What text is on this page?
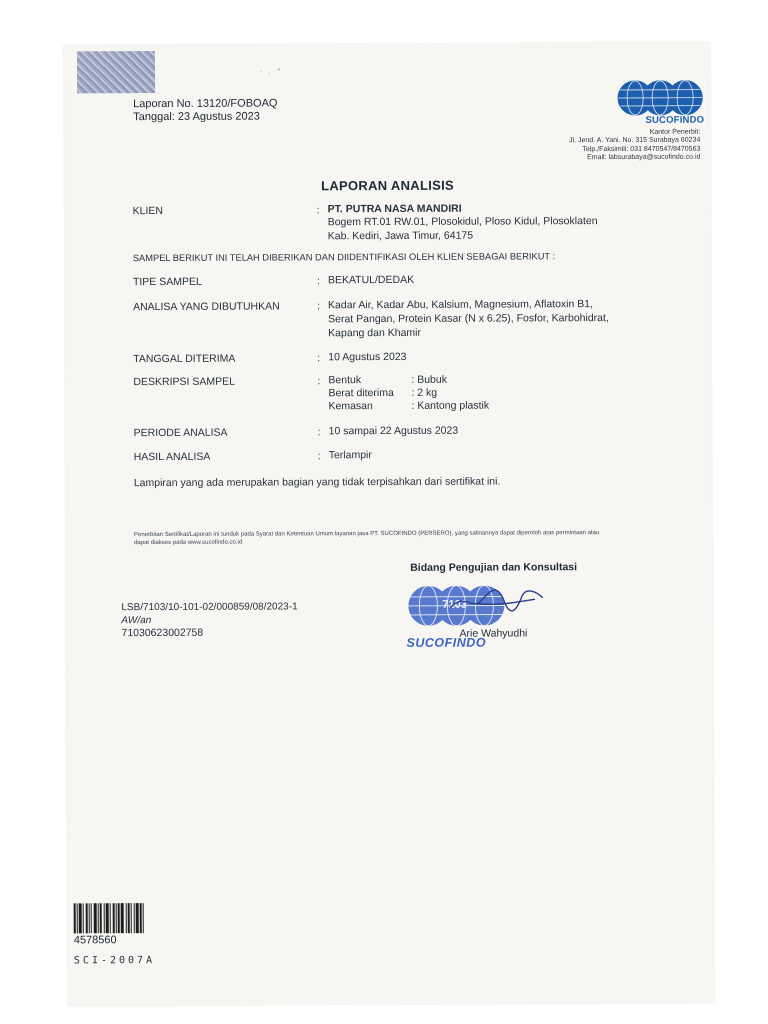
·   ,    "
Laporan No. 13120/FOBOAQ
Tanggal: 23 Agustus 2023	SUCOFINDO
Kantor Penerbit:
Jl. Jend. A. Yani. No. 315 Surabaya 60234
Telp./Faksimili: 031 8470547/8470563
Email: labsurabaya@sucofindo.co.id
LAPORAN ANALISIS
KLIEN	: PT. PUTRA NASA MANDIRI
Bogem RT.01 RW.01, Plosokidul, Ploso Kidul, Plosoklaten
Kab. Kediri, Jawa Timur, 64175
SAMPEL BERIKUT INI TELAH DIBERIKAN DAN DIIDENTIFIKASI OLEH KLIEN SEBAGAI BERIKUT :
TIPE SAMPEL	: BEKATUL/DEDAK
ANALISA YANG DIBUTUHKAN	: Kadar Air, Kadar Abu, Kalsium, Magnesium, Aflatoxin B1,
Serat Pangan, Protein Kasar (N x 6.25), Fosfor, Karbohidrat,
Kapang dan Khamir
TANGGAL DITERIMA	: 10 Agustus 2023
DESKRIPSI SAMPEL	: Bentuk	: Bubuk
Berat diterima : 2 kg
Kemasan	: Kantong plastik
PERIODE ANALISA	: 10 sampai 22 Agustus 2023
HASIL ANALISA	: Terlampir
Lampiran yang ada merupakan bagian yang tidak terpisahkan dari sertifikat ini.
Penerbitan Sertifikat/Laporan ini tunduk pada Syarat dan Ketentuan Umum layanan jasa PT. SUCOFINDO (PERSERO), yang salinannya dapat diperoleh atas permintaan atau
dapat diakses pada www.sucofindo.co.id
Bidang Pengujian dan Konsultasi
7103
Arie Wahyudhi
SUCOFINDO
LSB/7103/10-101-02/000859/08/2023-1
AW/an
71030623002758
4578560
SCI-2007A
